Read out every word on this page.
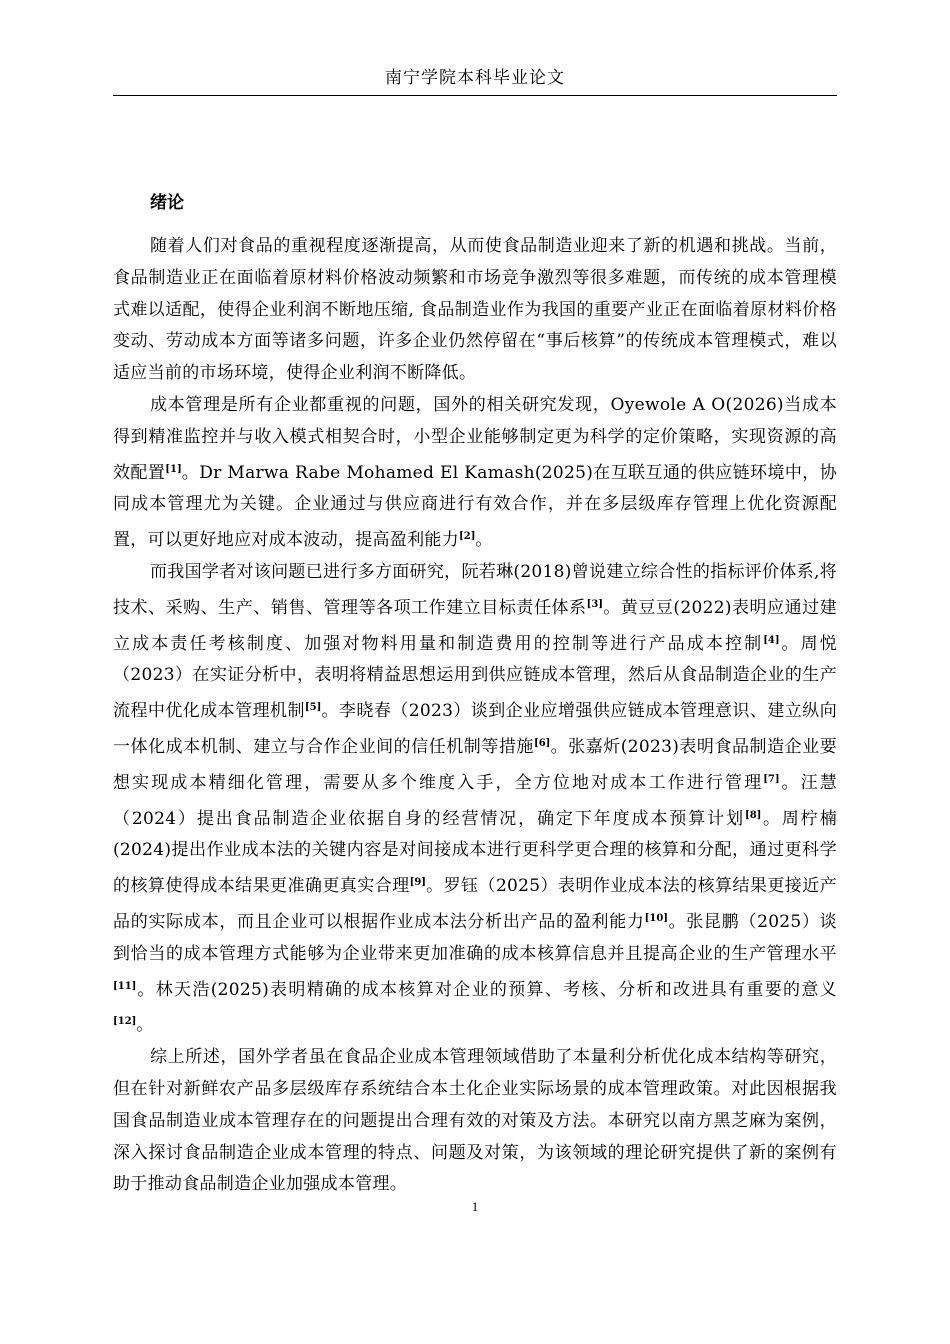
南宁学院本科毕业论文
绪论

随着人们对食品的重视程度逐渐提高，从而使食品制造业迎来了新的机遇和挑战。当前，食品制造业正在面临着原材料价格波动频繁和市场竞争激烈等很多难题，而传统的成本管理模式难以适配，使得企业利润不断地压缩, 食品制造业作为我国的重要产业正在面临着原材料价格变动、劳动成本方面等诸多问题，许多企业仍然停留在“事后核算”的传统成本管理模式，难以适应当前的市场环境，使得企业利润不断降低。

成本管理是所有企业都重视的问题，国外的相关研究发现，Oyewole A O(2026)当成本得到精准监控并与收入模式相契合时，小型企业能够制定更为科学的定价策略，实现资源的高效配置[1]。Dr Marwa Rabe Mohamed El Kamash(2025)在互联互通的供应链环境中，协同成本管理尤为关键。企业通过与供应商进行有效合作，并在多层级库存管理上优化资源配置，可以更好地应对成本波动，提高盈利能力[2]。

而我国学者对该问题已进行多方面研究，阮若琳(2018)曾说建立综合性的指标评价体系,将技术、采购、生产、销售、管理等各项工作建立目标责任体系[3]。黄豆豆(2022)表明应通过建立成本责任考核制度、加强对物料用量和制造费用的控制等进行产品成本控制[4]。周悦（2023）在实证分析中，表明将精益思想运用到供应链成本管理，然后从食品制造企业的生产流程中优化成本管理机制[5]。李晓春（2023）谈到企业应增强供应链成本管理意识、建立纵向一体化成本机制、建立与合作企业间的信任机制等措施[6]。张嘉炘(2023)表明食品制造企业要想实现成本精细化管理，需要从多个维度入手，全方位地对成本工作进行管理[7]。汪慧（2024）提出食品制造企业依据自身的经营情况，确定下年度成本预算计划[8]。周柠楠(2024)提出作业成本法的关键内容是对间接成本进行更科学更合理的核算和分配，通过更科学的核算使得成本结果更准确更真实合理[9]。罗钰（2025）表明作业成本法的核算结果更接近产品的实际成本，而且企业可以根据作业成本法分析出产品的盈利能力[10]。张昆鹏（2025）谈到恰当的成本管理方式能够为企业带来更加准确的成本核算信息并且提高企业的生产管理水平[11]。林天浩(2025)表明精确的成本核算对企业的预算、考核、分析和改进具有重要的意义[12]。

综上所述，国外学者虽在食品企业成本管理领域借助了本量利分析优化成本结构等研究，但在针对新鲜农产品多层级库存系统结合本土化企业实际场景的成本管理政策。对此因根据我国食品制造业成本管理存在的问题提出合理有效的对策及方法。本研究以南方黑芝麻为案例，深入探讨食品制造企业成本管理的特点、问题及对策，为该领域的理论研究提供了新的案例有助于推动食品制造企业加强成本管理。

1
